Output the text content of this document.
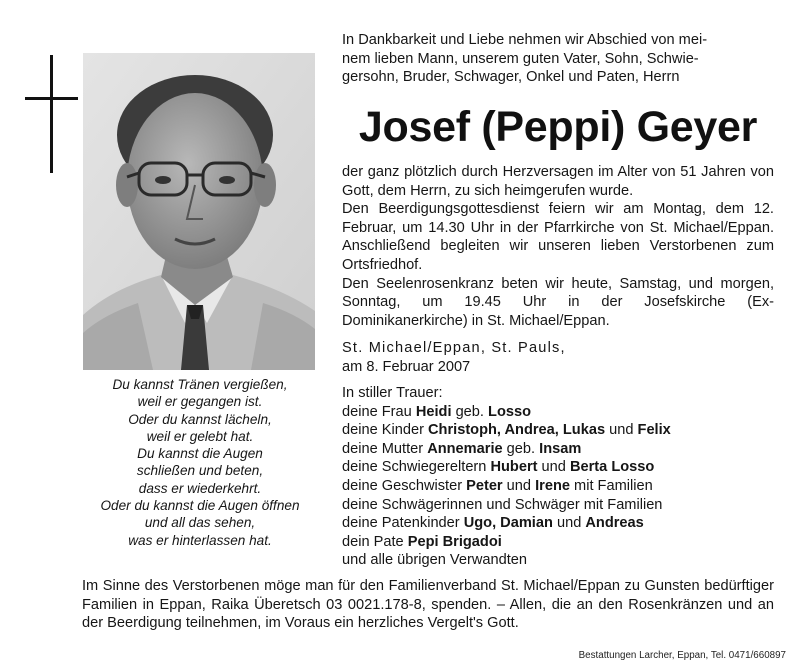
Du kannst Tränen vergießen,
weil er gegangen ist.
Oder du kannst lächeln,
weil er gelebt hat.
Du kannst die Augen
schließen und beten,
dass er wiederkehrt.
Oder du kannst die Augen öffnen
und all das sehen,
was er hinterlassen hat.
In Dankbarkeit und Liebe nehmen wir Abschied von mei-
nem lieben Mann, unserem guten Vater, Sohn, Schwie-
gersohn, Bruder, Schwager, Onkel und Paten, Herrn
Josef (Peppi) Geyer

der ganz plötzlich durch Herzversagen im Alter von 51 Jahren von Gott, dem Herrn, zu sich heimgerufen wurde.

Den Beerdigungsgottesdienst feiern wir am Montag, dem 12. Februar, um 14.30 Uhr in der Pfarrkirche von St. Michael/Eppan. Anschließend begleiten wir unseren lieben Verstorbenen zum Ortsfriedhof.

Den Seelenrosenkranz beten wir heute, Samstag, und morgen, Sonntag, um 19.45 Uhr in der Josefskirche (Ex-Dominikanerkirche) in St. Michael/Eppan.

St. Michael/Eppan, St. Pauls,
am 8. Februar 2007
In stiller Trauer:
deine Frau Heidi geb. Losso
deine Kinder Christoph, Andrea, Lukas und Felix
deine Mutter Annemarie geb. Insam
deine Schwiegereltern Hubert und Berta Losso
deine Geschwister Peter und Irene mit Familien
deine Schwägerinnen und Schwäger mit Familien
deine Patenkinder Ugo, Damian und Andreas
dein Pate Pepi Brigadoi
und alle übrigen Verwandten
Im Sinne des Verstorbenen möge man für den Familienverband St. Michael/Eppan zu Gunsten bedürftiger Familien in Eppan, Raika Überetsch 03 0021.178-8, spenden. – Allen, die an den Rosenkränzen und an der Beerdigung teilnehmen, im Voraus ein herzliches Vergelt's Gott.
Bestattungen Larcher, Eppan, Tel. 0471/660897
